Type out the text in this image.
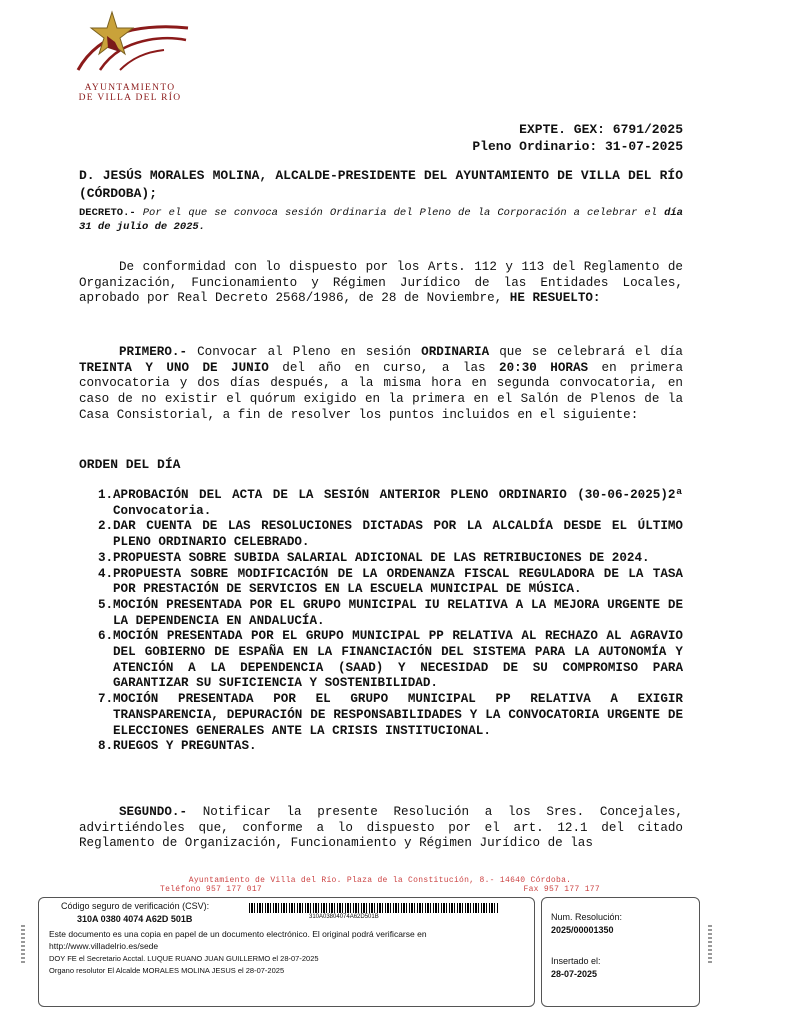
AYUNTAMIENTO
DE VILLA DEL RÍO
EXPTE. GEX: 6791/2025
Pleno Ordinario: 31-07-2025
D. JESÚS MORALES MOLINA, ALCALDE-PRESIDENTE DEL AYUNTAMIENTO DE VILLA DEL RÍO (CÓRDOBA);
DECRETO.- Por el que se convoca sesión Ordinaria del Pleno de la Corporación a celebrar el día 31 de julio de 2025.
De conformidad con lo dispuesto por los Arts. 112 y 113 del Reglamento de Organización, Funcionamiento y Régimen Jurídico de las Entidades Locales, aprobado por Real Decreto 2568/1986, de 28 de Noviembre, HE RESUELTO:
PRIMERO.- Convocar al Pleno en sesión ORDINARIA que se celebrará el día TREINTA Y UNO DE JUNIO del año en curso, a las 20:30 HORAS en primera convocatoria y dos días después, a la misma hora en segunda convocatoria, en caso de no existir el quórum exigido en la primera en el Salón de Plenos de la Casa Consistorial, a fin de resolver los puntos incluidos en el siguiente:
ORDEN DEL DÍA
1. APROBACIÓN DEL ACTA DE LA SESIÓN ANTERIOR PLENO ORDINARIO (30-06-2025)2ª Convocatoria.
2. DAR CUENTA DE LAS RESOLUCIONES DICTADAS POR LA ALCALDÍA DESDE EL ÚLTIMO PLENO ORDINARIO CELEBRADO.
3. PROPUESTA SOBRE SUBIDA SALARIAL ADICIONAL DE LAS RETRIBUCIONES DE 2024.
4. PROPUESTA SOBRE MODIFICACIÓN DE LA ORDENANZA FISCAL REGULADORA DE LA TASA POR PRESTACIÓN DE SERVICIOS EN LA ESCUELA MUNICIPAL DE MÚSICA.
5. MOCIÓN PRESENTADA POR EL GRUPO MUNICIPAL IU RELATIVA A LA MEJORA URGENTE DE LA DEPENDENCIA EN ANDALUCÍA.
6. MOCIÓN PRESENTADA POR EL GRUPO MUNICIPAL PP RELATIVA AL RECHAZO AL AGRAVIO DEL GOBIERNO DE ESPAÑA EN LA FINANCIACIÓN DEL SISTEMA PARA LA AUTONOMÍA Y ATENCIÓN A LA DEPENDENCIA (SAAD) Y NECESIDAD DE SU COMPROMISO PARA GARANTIZAR SU SUFICIENCIA Y SOSTENIBILIDAD.
7. MOCIÓN PRESENTADA POR EL GRUPO MUNICIPAL PP RELATIVA A EXIGIR TRANSPARENCIA, DEPURACIÓN DE RESPONSABILIDADES Y LA CONVOCATORIA URGENTE DE ELECCIONES GENERALES ANTE LA CRISIS INSTITUCIONAL.
8. RUEGOS Y PREGUNTAS.
SEGUNDO.- Notificar la presente Resolución a los Sres. Concejales, advirtiéndoles que, conforme a lo dispuesto por el art. 12.1 del citado Reglamento de Organización, Funcionamiento y Régimen Jurídico de las
Ayuntamiento de Villa del Río. Plaza de la Constitución, 8.- 14640 Córdoba.
Teléfono 957 177 017	Fax 957 177 177
Código seguro de verificación (CSV):
310A 0380 4074 A62D 501B	310A03804074A62D501B
Este documento es una copia en papel de un documento electrónico. El original podrá verificarse en
http://www.villadelrio.es/sede
DOY FE el Secretario Acctal. LUQUE RUANO JUAN GUILLERMO el 28-07-2025
Organo resolutor El Alcalde MORALES MOLINA JESUS el 28-07-2025
Num. Resolución:
2025/00001350
Insertado el:
28-07-2025
